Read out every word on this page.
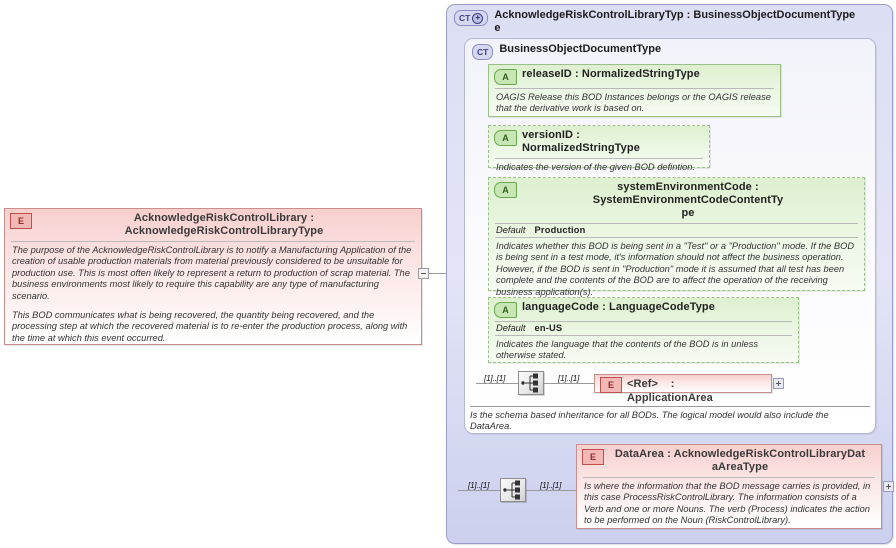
E	AcknowledgeRiskControlLibrary : AcknowledgeRiskControlLibraryType

The purpose of the AcknowledgeRiskControlLibrary is to notify a Manufacturing Application of the creation of usable production materials from material previously considered to be unsuitable for production use. This is most often likely to represent a return to production of scrap material. The business environments most likely to require this capability are any type of manufacturing scenario.

This BOD communicates what is being recovered, the quantity being recovered, and the processing step at which the recovered material is to re-enter the production process, along with the time at which this event occurred.

CT + AcknowledgeRiskControlLibraryTyp : BusinessObjectDocumentType
e
CT BusinessObjectDocumentType
Is the schema based inheritance for all BODs. The logical model would also include the DataArea.
A	releaseID : NormalizedStringType

OAGIS Release this BOD Instances belongs or the OAGIS release that the derivative work is based on.

A	versionID : NormalizedStringType

Indicates the version of the given BOD defintion.

A	systemEnvironmentCode : SystemEnvironmentCodeContentTy
pe
Default Production

Indicates whether this BOD is being sent in a "Test" or a "Production" mode. If the BOD is being sent in a test mode, it's information should not affect the business operation. However, if the BOD is sent in "Production" mode it is assumed that all test has been complete and the contents of the BOD are to affect the operation of the receiving business application(s).

A	languageCode : LanguageCodeType
Default en-US

Indicates the language that the contents of the BOD is in unless otherwise stated.

[1]..[1]	[1]..[1]
E	<Ref> : ApplicationArea
[1]..[1]	[1]..[1]
E	DataArea : AcknowledgeRiskControlLibraryDat
aAreaType

Is where the information that the BOD message carries is provided, in this case ProcessRiskControlLibrary. The information consists of a Verb and one or more Nouns. The verb (Process) indicates the action to be performed on the Noun (RiskControlLibrary).
